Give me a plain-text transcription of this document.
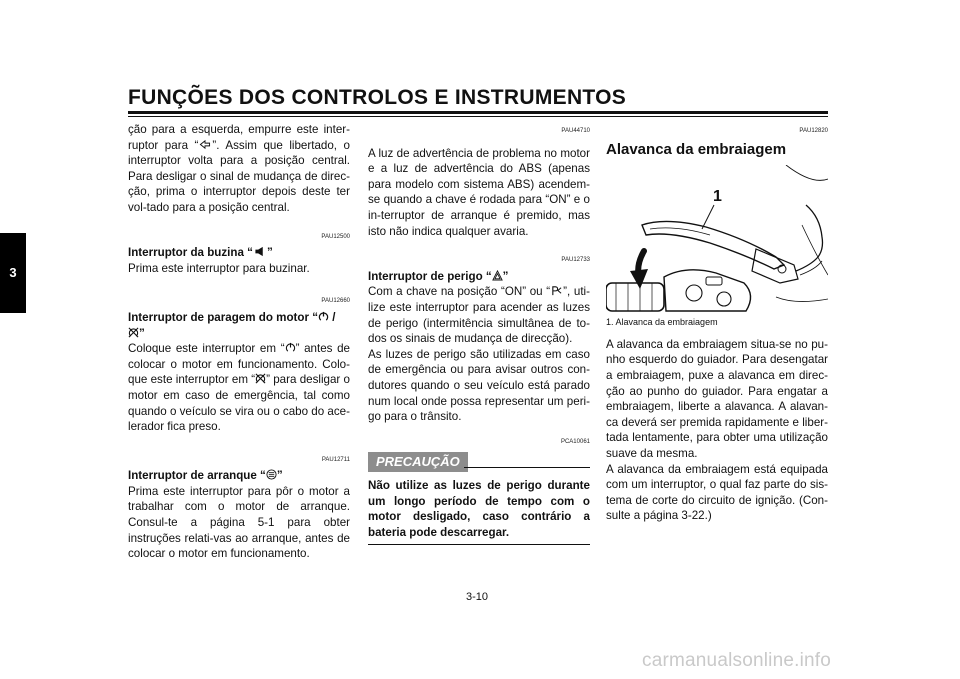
FUNÇÕES DOS CONTROLOS E INSTRUMENTOS
3

ção para a esquerda, empurre este inter-ruptor para “ ”. Assim que libertado, o interruptor volta para a posição central. Para desligar o sinal de mudança de direc-ção, prima o interruptor depois deste ter vol-tado para a posição central.

PAU12500

Interruptor da buzina “ ”

Prima este interruptor para buzinar.

PAU12660

Interruptor de paragem do motor “ /
”

Coloque este interruptor em “ ” antes de colocar o motor em funcionamento. Colo-que este interruptor em “ ” para desligar o motor em caso de emergência, tal como quando o veículo se vira ou o cabo do ace-lerador fica preso.

PAU12711

Interruptor de arranque “ ”

Prima este interruptor para pôr o motor a trabalhar com o motor de arranque. Consul-te a página 5-1 para obter instruções relati-vas ao arranque, antes de colocar o motor em funcionamento.

PAU44710

A luz de advertência de problema no motor e a luz de advertência do ABS (apenas para modelo com sistema ABS) acendem-se quando a chave é rodada para “ON” e o in-terruptor de arranque é premido, mas isto não indica qualquer avaria.

PAU12733

Interruptor de perigo “ ”

Com a chave na posição “ON” ou “ ”, uti-lize este interruptor para acender as luzes de perigo (intermitência simultânea de to-dos os sinais de mudança de direcção).

As luzes de perigo são utilizadas em caso de emergência ou para avisar outros con-dutores quando o seu veículo está parado num local onde possa representar um peri-go para o trânsito.

PCA10061
PRECAUÇÃO

Não utilize as luzes de perigo durante um longo período de tempo com o motor desligado, caso contrário a bateria pode descarregar.

PAU12820
Alavanca da embraiagem
1
1. Alavanca da embraiagem

A alavanca da embraiagem situa-se no pu-nho esquerdo do guiador. Para desengatar a embraiagem, puxe a alavanca em direc-ção ao punho do guiador. Para engatar a embraiagem, liberte a alavanca. A alavan-ca deverá ser premida rapidamente e liber-tada lentamente, para obter uma utilização suave da mesma.

A alavanca da embraiagem está equipada com um interruptor, o qual faz parte do sis-tema de corte do circuito de ignição. (Con-sulte a página 3-22.)

3-10
carmanualsonline.info
